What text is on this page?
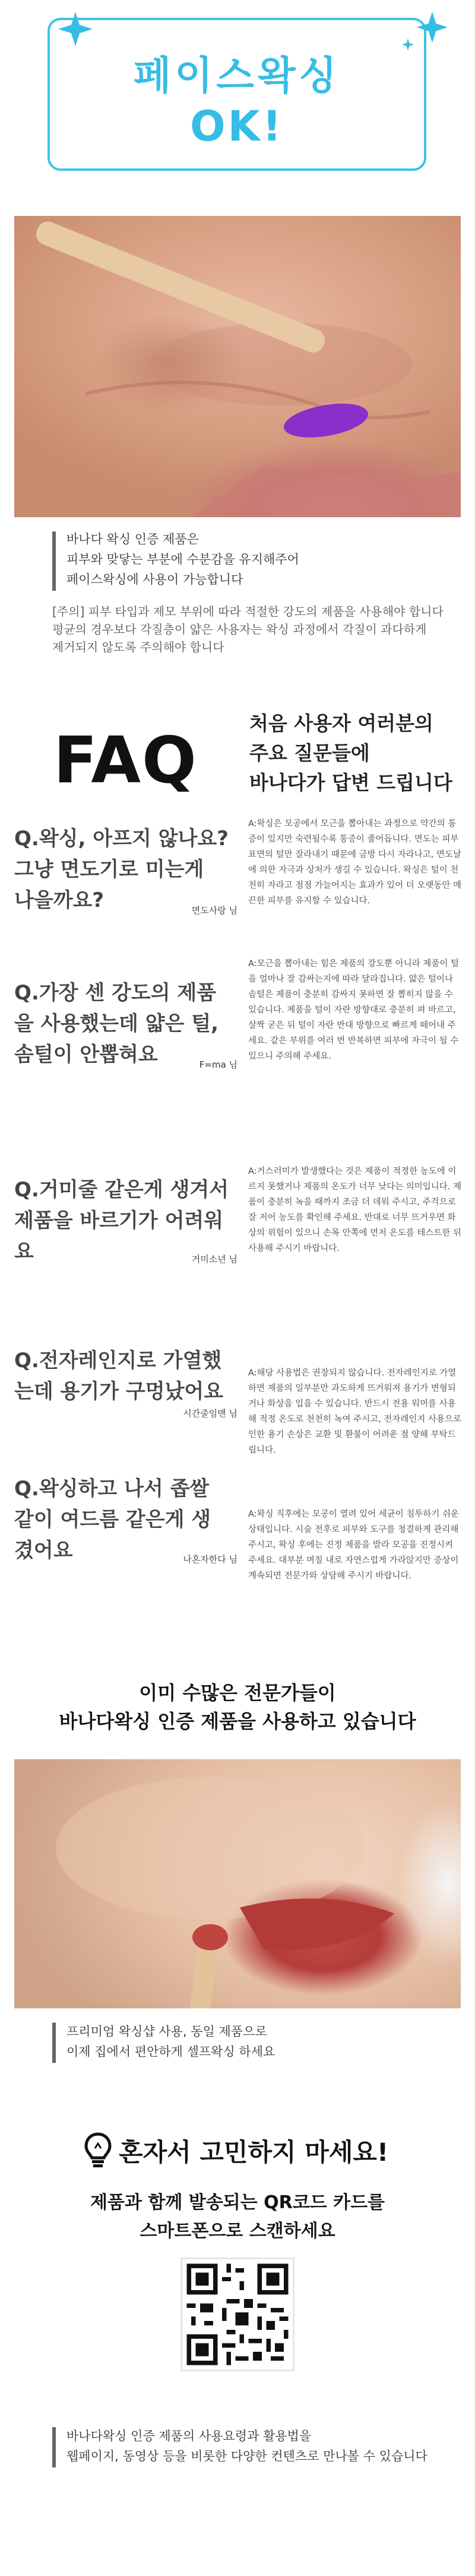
페이스왁싱
OK!
바나다 왁싱 인증 제품은
피부와 맞닿는 부분에 수분감을 유지해주어
페이스왁싱에 사용이 가능합니다
[주의] 피부 타입과 제모 부위에 따라 적절한 강도의 제품을 사용해야 합니다
평균의 경우보다 각질층이 얇은 사용자는 왁싱 과정에서 각질이 과다하게
제거되지 않도록 주의해야 합니다
FAQ
처음 사용자 여러분의
주요 질문들에
바나다가 답변 드립니다
Q.왁싱, 아프지 않나요?
그냥 면도기로 미는게
나을까요?	면도사랑 님
A:왁싱은 모공에서 모근을 뽑아내는 과정으로 약간의 통증이 있지만 숙련될수록 통증이 줄어듭니다. 면도는 피부 표면의 털만 잘라내기 때문에 금방 다시 자라나고, 면도날에 의한 자극과 상처가 생길 수 있습니다. 왁싱은 털이 천천히 자라고 점점 가늘어지는 효과가 있어 더 오랫동안 매끈한 피부를 유지할 수 있습니다.
Q.가장 센 강도의 제품
을 사용했는데 얇은 털,
솜털이 안뽑혀요	F=ma 님
A:모근을 뽑아내는 힘은 제품의 강도뿐 아니라 제품이 털을 얼마나 잘 감싸는지에 따라 달라집니다. 얇은 털이나 솜털은 제품이 충분히 감싸지 못하면 잘 뽑히지 않을 수 있습니다. 제품을 털이 자란 방향대로 충분히 펴 바르고, 살짝 굳은 뒤 털이 자란 반대 방향으로 빠르게 떼어내 주세요. 같은 부위를 여러 번 반복하면 피부에 자극이 될 수 있으니 주의해 주세요.
Q.거미줄 같은게 생겨서
제품을 바르기가 어려워
요	거미소년 님
A:거스러미가 발생했다는 것은 제품이 적정한 농도에 이르지 못했거나 제품의 온도가 너무 낮다는 의미입니다. 제품이 충분히 녹을 때까지 조금 더 데워 주시고, 주걱으로 잘 저어 농도를 확인해 주세요. 반대로 너무 뜨거우면 화상의 위험이 있으니 손목 안쪽에 먼저 온도를 테스트한 뒤 사용해 주시기 바랍니다.
Q.전자레인지로 가열했
는데 용기가 구멍났어요
시간줄임맨 님
A:해당 사용법은 권장되지 않습니다. 전자레인지로 가열하면 제품의 일부분만 과도하게 뜨거워져 용기가 변형되거나 화상을 입을 수 있습니다. 반드시 전용 워머를 사용해 적정 온도로 천천히 녹여 주시고, 전자레인지 사용으로 인한 용기 손상은 교환 및 환불이 어려운 점 양해 부탁드립니다.
Q.왁싱하고 나서 좁쌀
같이 여드름 같은게 생
겼어요	나혼자한다 님
A:왁싱 직후에는 모공이 열려 있어 세균이 침투하기 쉬운 상태입니다. 시술 전후로 피부와 도구를 청결하게 관리해 주시고, 왁싱 후에는 진정 제품을 발라 모공을 진정시켜 주세요. 대부분 며칠 내로 자연스럽게 가라앉지만 증상이 계속되면 전문가와 상담해 주시기 바랍니다.
이미 수많은 전문가들이
바나다왁싱 인증 제품을 사용하고 있습니다
프리미엄 왁싱샵 사용, 동일 제품으로
이제 집에서 편안하게 셀프왁싱 하세요
혼자서 고민하지 마세요!
제품과 함께 발송되는 QR코드 카드를
스마트폰으로 스캔하세요
바나다왁싱 인증 제품의 사용요령과 활용법을
웹페이지, 동영상 등을 비롯한 다양한 컨텐츠로 만나볼 수 있습니다
